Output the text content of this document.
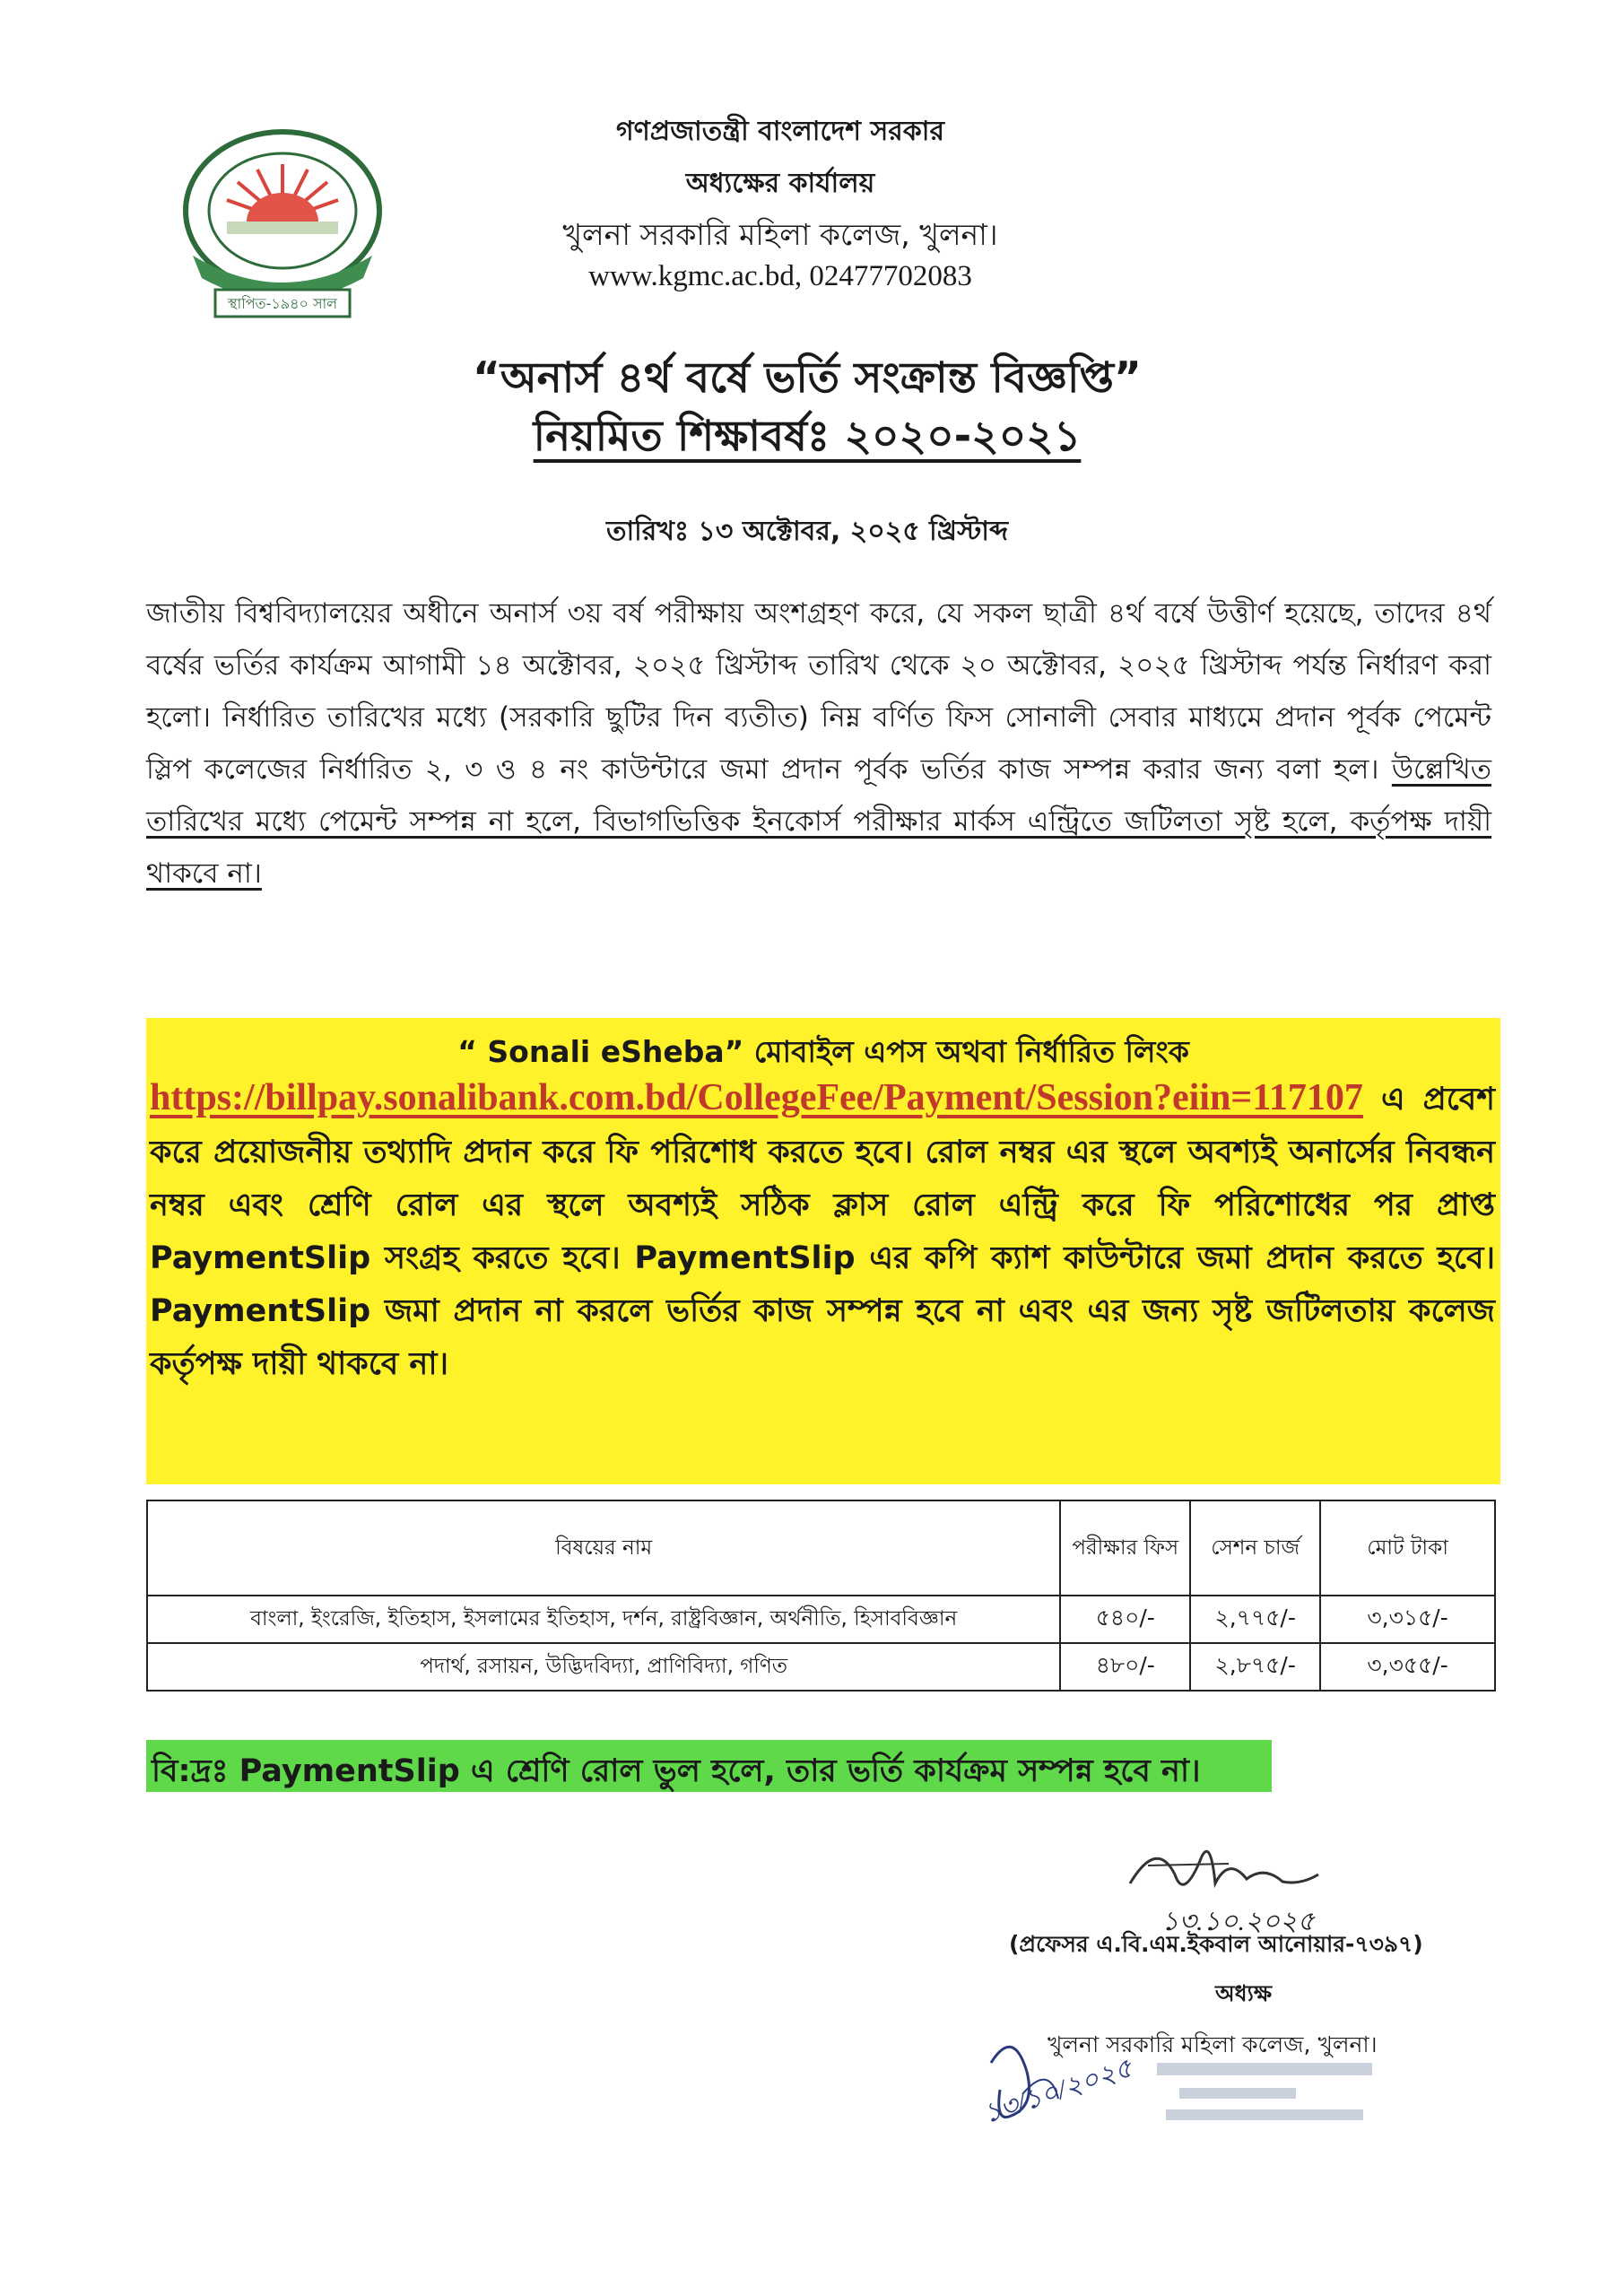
স্থাপিত-১৯৪০ সাল
গণপ্রজাতন্ত্রী বাংলাদেশ সরকার
অধ্যক্ষের কার্যালয়
খুলনা সরকারি মহিলা কলেজ, খুলনা।
www.kgmc.ac.bd, 02477702083
“অনার্স ৪র্থ বর্ষে ভর্তি সংক্রান্ত বিজ্ঞপ্তি”
নিয়মিত শিক্ষাবর্ষঃ ২০২০-২০২১
তারিখঃ ১৩ অক্টোবর, ২০২৫ খ্রিস্টাব্দ
জাতীয় বিশ্ববিদ্যালয়ের অধীনে অনার্স ৩য় বর্ষ পরীক্ষায় অংশগ্রহণ করে, যে সকল ছাত্রী ৪র্থ বর্ষে উত্তীর্ণ হয়েছে, তাদের ৪র্থ বর্ষের ভর্তির কার্যক্রম আগামী ১৪ অক্টোবর, ২০২৫ খ্রিস্টাব্দ তারিখ থেকে ২০ অক্টোবর, ২০২৫ খ্রিস্টাব্দ পর্যন্ত নির্ধারণ করা হলো। নির্ধারিত তারিখের মধ্যে (সরকারি ছুটির দিন ব্যতীত) নিম্ন বর্ণিত ফিস সোনালী সেবার মাধ্যমে প্রদান পূর্বক পেমেন্ট স্লিপ কলেজের নির্ধারিত ২, ৩ ও ৪ নং কাউন্টারে জমা প্রদান পূর্বক ভর্তির কাজ সম্পন্ন করার জন্য বলা হল। উল্লেখিত তারিখের মধ্যে পেমেন্ট সম্পন্ন না হলে, বিভাগভিত্তিক ইনকোর্স পরীক্ষার মার্কস এন্ট্রিতে জটিলতা সৃষ্ট হলে, কর্তৃপক্ষ দায়ী থাকবে না।
“ Sonali eSheba” মোবাইল এপস অথবা নির্ধারিত লিংক
https://billpay.sonalibank.com.bd/CollegeFee/Payment/Session?eiin=117107 এ প্রবেশ করে প্রয়োজনীয় তথ্যাদি প্রদান করে ফি পরিশোধ করতে হবে। রোল নম্বর এর স্থলে অবশ্যই অনার্সের নিবন্ধন নম্বর এবং শ্রেণি রোল এর স্থলে অবশ্যই সঠিক ক্লাস রোল এন্ট্রি করে ফি পরিশোধের পর প্রাপ্ত PaymentSlip সংগ্রহ করতে হবে। PaymentSlip এর কপি ক্যাশ কাউন্টারে জমা প্রদান করতে হবে। PaymentSlip জমা প্রদান না করলে ভর্তির কাজ সম্পন্ন হবে না এবং এর জন্য সৃষ্ট জটিলতায় কলেজ কর্তৃপক্ষ দায়ী থাকবে না।
বিষয়ের নাম	পরীক্ষার ফিস	সেশন চার্জ	মোট টাকা
বাংলা, ইংরেজি, ইতিহাস, ইসলামের ইতিহাস, দর্শন, রাষ্ট্রবিজ্ঞান, অর্থনীতি, হিসাববিজ্ঞান	৫৪০/-	২,৭৭৫/-	৩,৩১৫/-
পদার্থ, রসায়ন, উদ্ভিদবিদ্যা, প্রাণিবিদ্যা, গণিত	৪৮০/-	২,৮৭৫/-	৩,৩৫৫/-
বি:দ্রঃ PaymentSlip এ শ্রেণি রোল ভুল হলে, তার ভর্তি কার্যক্রম সম্পন্ন হবে না।
১৩.১০.২০২৫
(প্রফেসর এ.বি.এম.ইকবাল আনোয়ার-৭৩৯৭)
অধ্যক্ষ
খুলনা সরকারি মহিলা কলেজ, খুলনা।
১৩/১০/২০২৫
